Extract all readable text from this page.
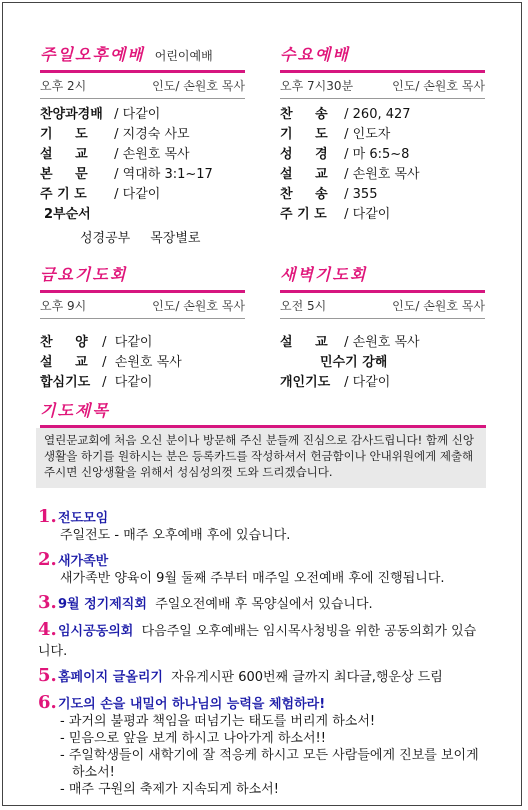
주일오후예배 어린이예배
오후 2시	인도/ 손원호 목사
찬양과경배 / 다같이
기     도 / 지경숙 사모
설     교 / 손원호 목사
본     문 / 역대하 3:1~17
주 기 도 / 다같이
2부순서
성경공부 목장별로
수요예배
오후 7시30분	인도/ 손원호 목사
찬     송 / 260, 427
기     도 / 인도자
성     경 / 마 6:5~8
설     교 / 손원호 목사
찬     송 / 355
주 기 도 / 다같이
금요기도회
오후 9시	인도/ 손원호 목사
찬     양 /  다같이
설     교 /  손원호 목사
합심기도 /  다같이
새벽기도회
오전 5시	인도/ 손원호 목사
설     교 / 손원호 목사
민수기 강해
개인기도 / 다같이
기도제목
열린문교회에 처음 오신 분이나 방문해 주신 분들께 진심으로 감사드립니다! 함께 신앙생활을 하기를 원하시는 분은 등록카드를 작성하셔서 헌금함이나 안내위원에게 제출해 주시면 신앙생활을 위해서 성심성의껏 도와 드리겠습니다.
1.전도모임
주일전도 - 매주 오후예배 후에 있습니다.
2.새가족반
새가족반 양육이 9월 둘째 주부터 매주일 오전예배 후에 진행됩니다.
3.9월 정기제직회 주일오전예배 후 목양실에서 있습니다.
4.임시공동의회 다음주일 오후예배는 임시목사청빙을 위한 공동의회가 있습니다.
5.홈페이지 글올리기 자유게시판 600번째 글까지 최다글,행운상 드림
6.기도의 손을 내밀어 하나님의 능력을 체험하라!
- 과거의 불평과 책임을 떠넘기는 태도를 버리게 하소서!
- 믿음으로 앞을 보게 하시고 나아가게 하소서!!
- 주일학생들이 새학기에 잘 적응케 하시고 모든 사람들에게 진보를 보이게 하소서!
- 매주 구원의 축제가 지속되게 하소서!
